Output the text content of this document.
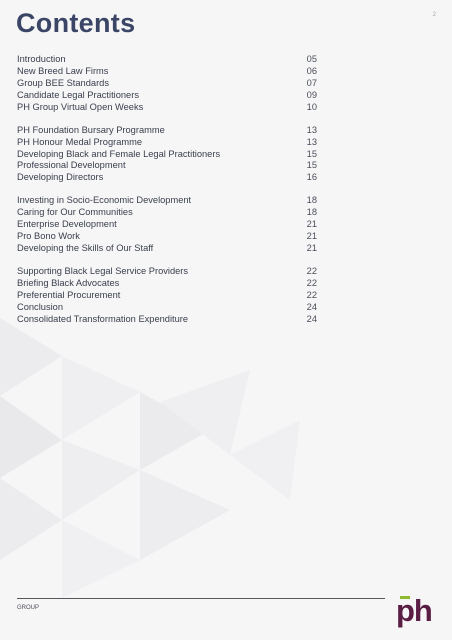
2
Contents
Introduction	05
New Breed Law Firms	06
Group BEE Standards	07
Candidate Legal Practitioners	09
PH Group Virtual Open Weeks	10
PH Foundation Bursary Programme	13
PH Honour Medal Programme	13
Developing Black and Female Legal Practitioners	15
Professional Development	15
Developing Directors	16
Investing in Socio-Economic Development	18
Caring for Our Communities	18
Enterprise Development	21
Pro Bono Work	21
Developing the Skills of Our Staff	21
Supporting Black Legal Service Providers	22
Briefing Black Advocates	22
Preferential Procurement	22
Conclusion	24
Consolidated Transformation Expenditure	24
GROUP	ph
